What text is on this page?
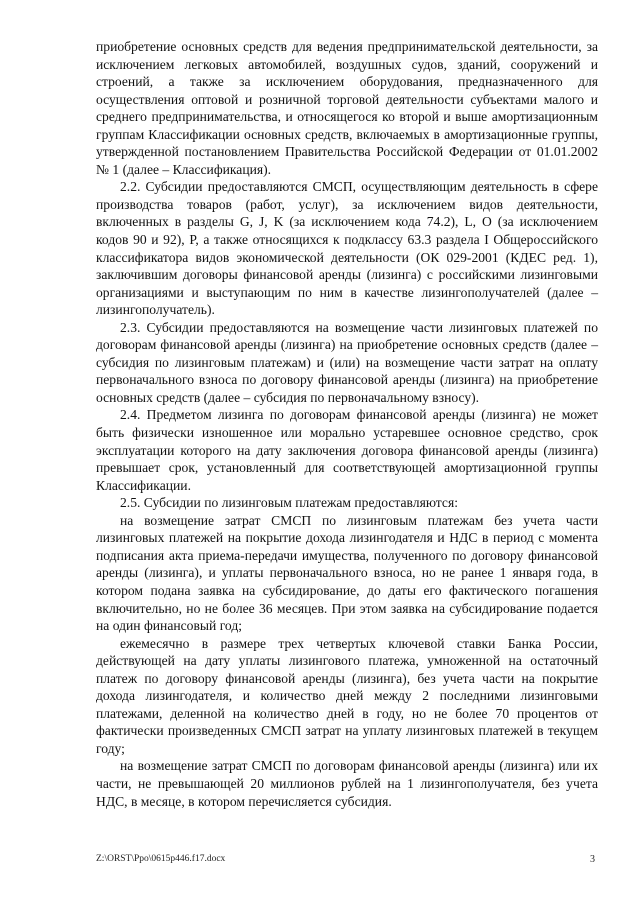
приобретение основных средств для ведения предпринимательской деятельности, за исключением легковых автомобилей, воздушных судов, зданий, сооружений и строений, а также за исключением оборудования, предназначенного для осуществления оптовой и розничной торговой деятельности субъектами малого и среднего предпринимательства, и относящегося ко второй и выше амортизационным группам Классификации основных средств, включаемых в амортизационные группы, утвержденной постановлением Правительства Российской Федерации от 01.01.2002 № 1 (далее – Классификация).

2.2. Субсидии предоставляются СМСП, осуществляющим деятельность в сфере производства товаров (работ, услуг), за исключением видов деятельности, включенных в разделы G, J, K (за исключением кода 74.2), L, O (за исключением кодов 90 и 92), P, а также относящихся к подклассу 63.3 раздела I Общероссийского классификатора видов экономической деятельности (ОК 029-2001 (КДЕС ред. 1), заключившим договоры финансовой аренды (лизинга) с российскими лизинговыми организациями и выступающим по ним в качестве лизингополучателей (далее – лизингополучатель).

2.3. Субсидии предоставляются на возмещение части лизинговых платежей по договорам финансовой аренды (лизинга) на приобретение основных средств (далее – субсидия по лизинговым платежам) и (или) на возмещение части затрат на оплату первоначального взноса по договору финансовой аренды (лизинга) на приобретение основных средств (далее – субсидия по первоначальному взносу).

2.4. Предметом лизинга по договорам финансовой аренды (лизинга) не может быть физически изношенное или морально устаревшее основное средство, срок эксплуатации которого на дату заключения договора финансовой аренды (лизинга) превышает срок, установленный для соответствующей амортизационной группы Классификации.

2.5. Субсидии по лизинговым платежам предоставляются:

на возмещение затрат СМСП по лизинговым платежам без учета части лизинговых платежей на покрытие дохода лизингодателя и НДС в период с момента подписания акта приема-передачи имущества, полученного по договору финансовой аренды (лизинга), и уплаты первоначального взноса, но не ранее 1 января года, в котором подана заявка на субсидирование, до даты его фактического погашения включительно, но не более 36 месяцев. При этом заявка на субсидирование подается на один финансовый год;

ежемесячно в размере трех четвертых ключевой ставки Банка России, действующей на дату уплаты лизингового платежа, умноженной на остаточный платеж по договору финансовой аренды (лизинга), без учета части на покрытие дохода лизингодателя, и количество дней между 2 последними лизинговыми платежами, деленной на количество дней в году, но не более 70 процентов от фактически произведенных СМСП затрат на уплату лизинговых платежей в текущем году;

на возмещение затрат СМСП по договорам финансовой аренды (лизинга) или их части, не превышающей 20 миллионов рублей на 1 лизингополучателя, без учета НДС, в месяце, в котором перечисляется субсидия.

Z:\ORST\Ppo\0615p446.f17.docx	3
